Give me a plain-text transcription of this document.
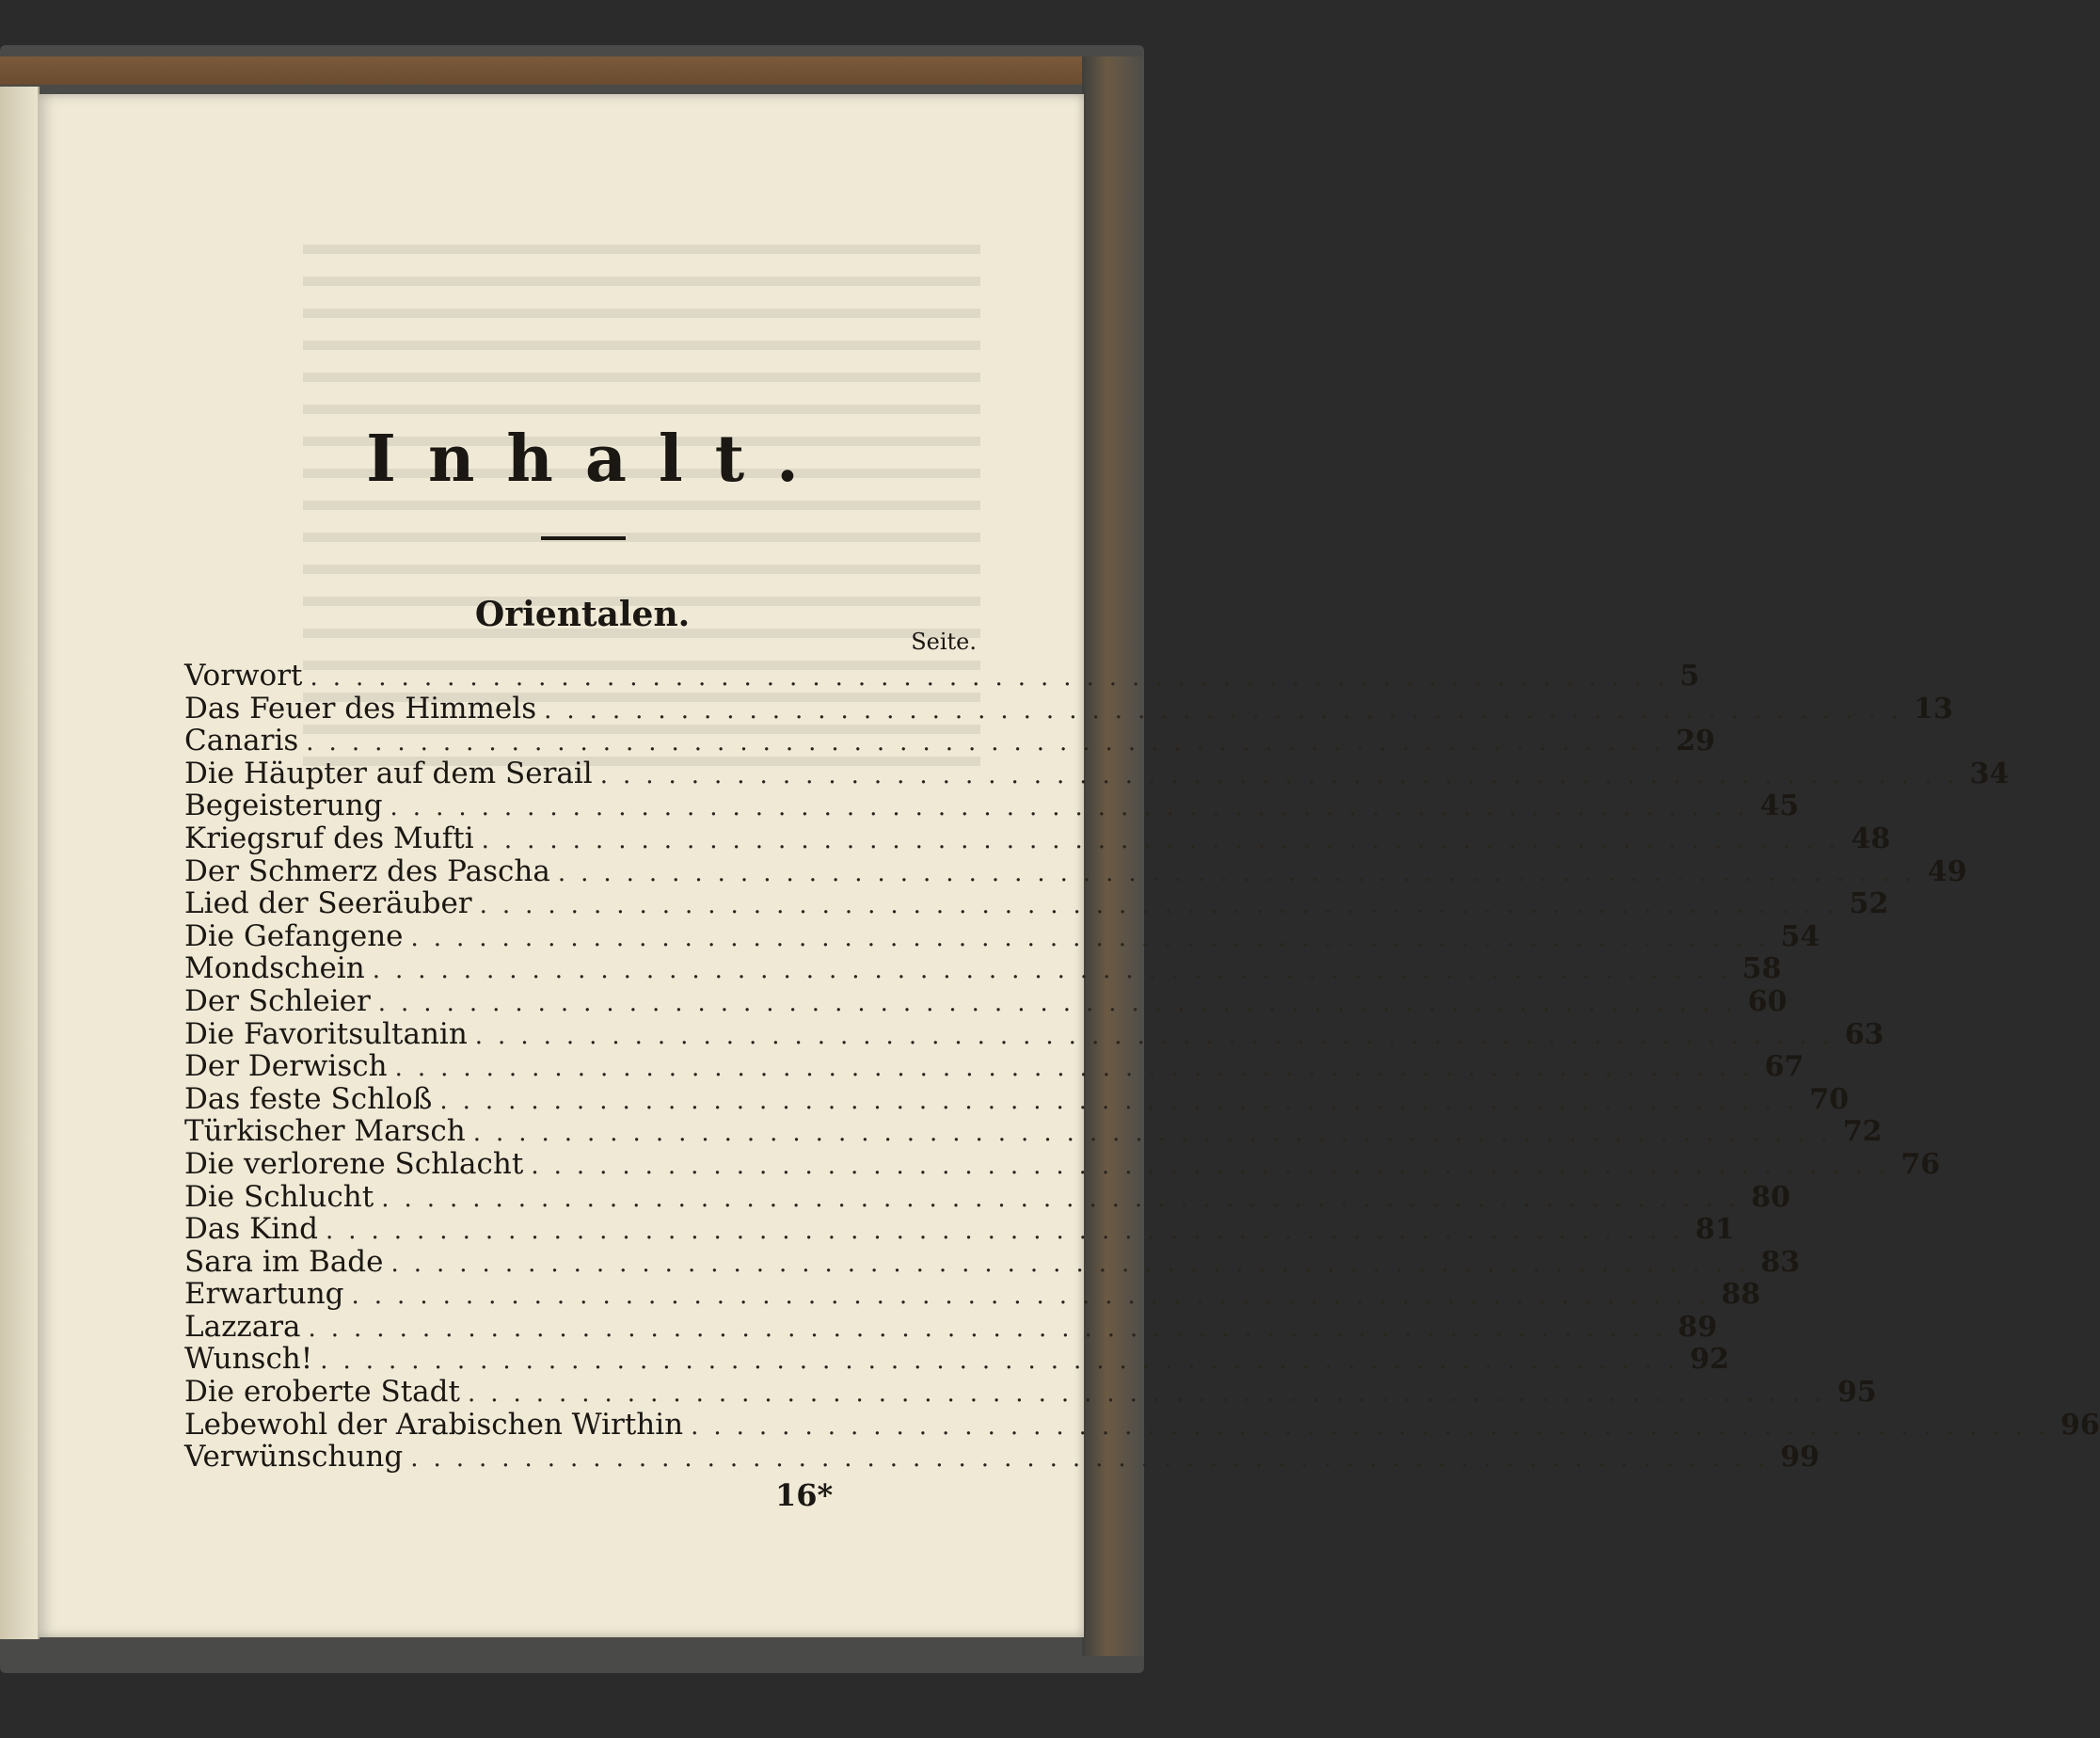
Inhalt.
Orientalen.
Seite.
Vorwort ............................................................ 5
Das Feuer des Himmels ............................................................ 13
Canaris ............................................................ 29
Die Häupter auf dem Serail ............................................................ 34
Begeisterung ............................................................ 45
Kriegsruf des Mufti ............................................................ 48
Der Schmerz des Pascha ............................................................ 49
Lied der Seeräuber ............................................................ 52
Die Gefangene ............................................................ 54
Mondschein ............................................................ 58
Der Schleier ............................................................ 60
Die Favoritsultanin ............................................................ 63
Der Derwisch ............................................................ 67
Das feste Schloß ............................................................ 70
Türkischer Marsch ............................................................ 72
Die verlorene Schlacht ............................................................ 76
Die Schlucht ............................................................ 80
Das Kind ............................................................ 81
Sara im Bade ............................................................ 83
Erwartung ............................................................ 88
Lazzara ............................................................ 89
Wunsch! ............................................................ 92
Die eroberte Stadt ............................................................ 95
Lebewohl der Arabischen Wirthin ............................................................ 96
Verwünschung ............................................................ 99
16*
